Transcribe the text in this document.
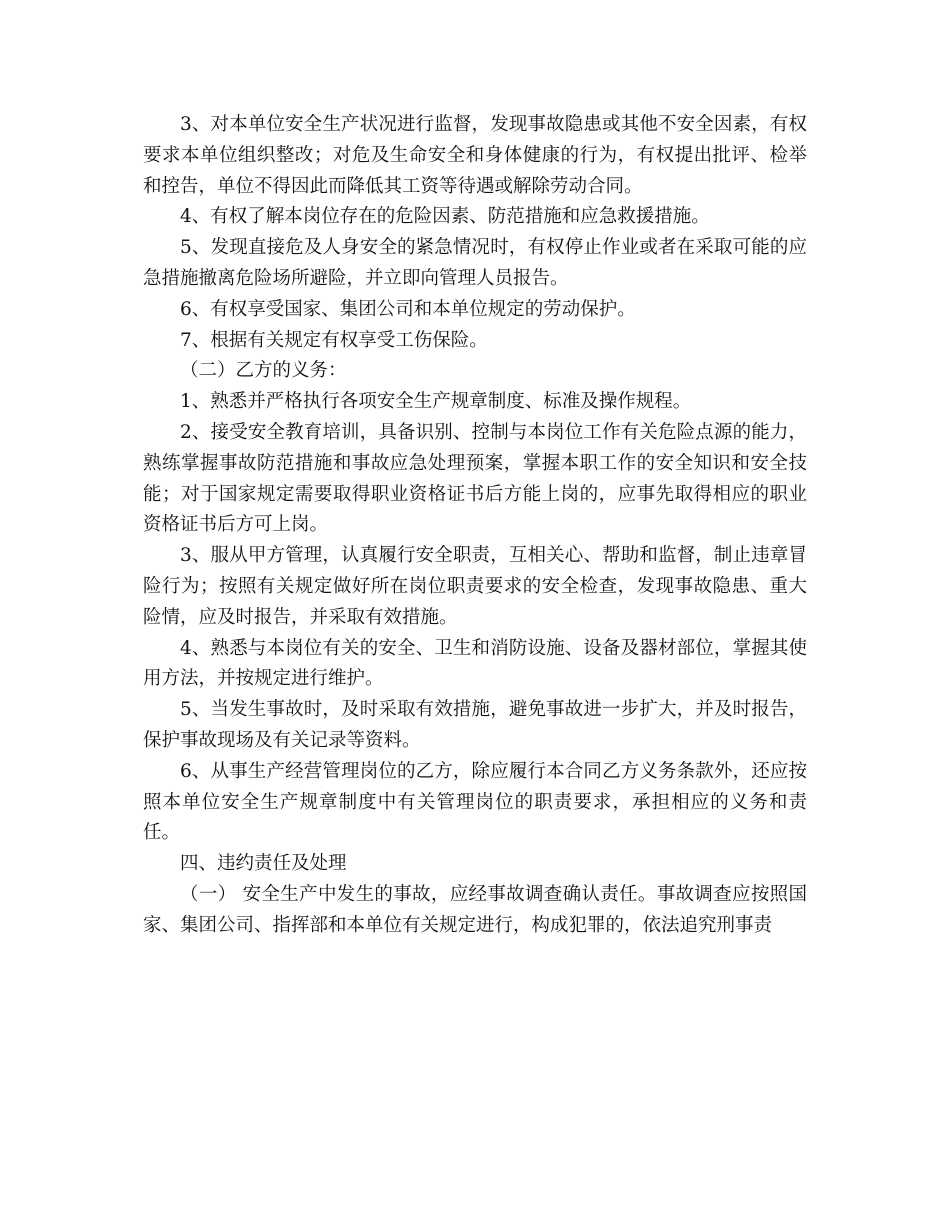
3、对本单位安全生产状况进行监督，发现事故隐患或其他不安全因素，有权要求本单位组织整改；对危及生命安全和身体健康的行为，有权提出批评、检举和控告，单位不得因此而降低其工资等待遇或解除劳动合同。

4、有权了解本岗位存在的危险因素、防范措施和应急救援措施。

5、发现直接危及人身安全的紧急情况时，有权停止作业或者在采取可能的应急措施撤离危险场所避险，并立即向管理人员报告。

6、有权享受国家、集团公司和本单位规定的劳动保护。

7、根据有关规定有权享受工伤保险。

（二）乙方的义务：

1、熟悉并严格执行各项安全生产规章制度、标准及操作规程。

2、接受安全教育培训，具备识别、控制与本岗位工作有关危险点源的能力，熟练掌握事故防范措施和事故应急处理预案，掌握本职工作的安全知识和安全技能；对于国家规定需要取得职业资格证书后方能上岗的，应事先取得相应的职业资格证书后方可上岗。

3、服从甲方管理，认真履行安全职责，互相关心、帮助和监督，制止违章冒险行为；按照有关规定做好所在岗位职责要求的安全检查，发现事故隐患、重大险情，应及时报告，并采取有效措施。

4、熟悉与本岗位有关的安全、卫生和消防设施、设备及器材部位，掌握其使用方法，并按规定进行维护。

5、当发生事故时，及时采取有效措施，避免事故进一步扩大，并及时报告，保护事故现场及有关记录等资料。

6、从事生产经营管理岗位的乙方，除应履行本合同乙方义务条款外，还应按照本单位安全生产规章制度中有关管理岗位的职责要求，承担相应的义务和责任。

四、违约责任及处理

（一） 安全生产中发生的事故，应经事故调查确认责任。事故调查应按照国家、集团公司、指挥部和本单位有关规定进行，构成犯罪的，依法追究刑事责
